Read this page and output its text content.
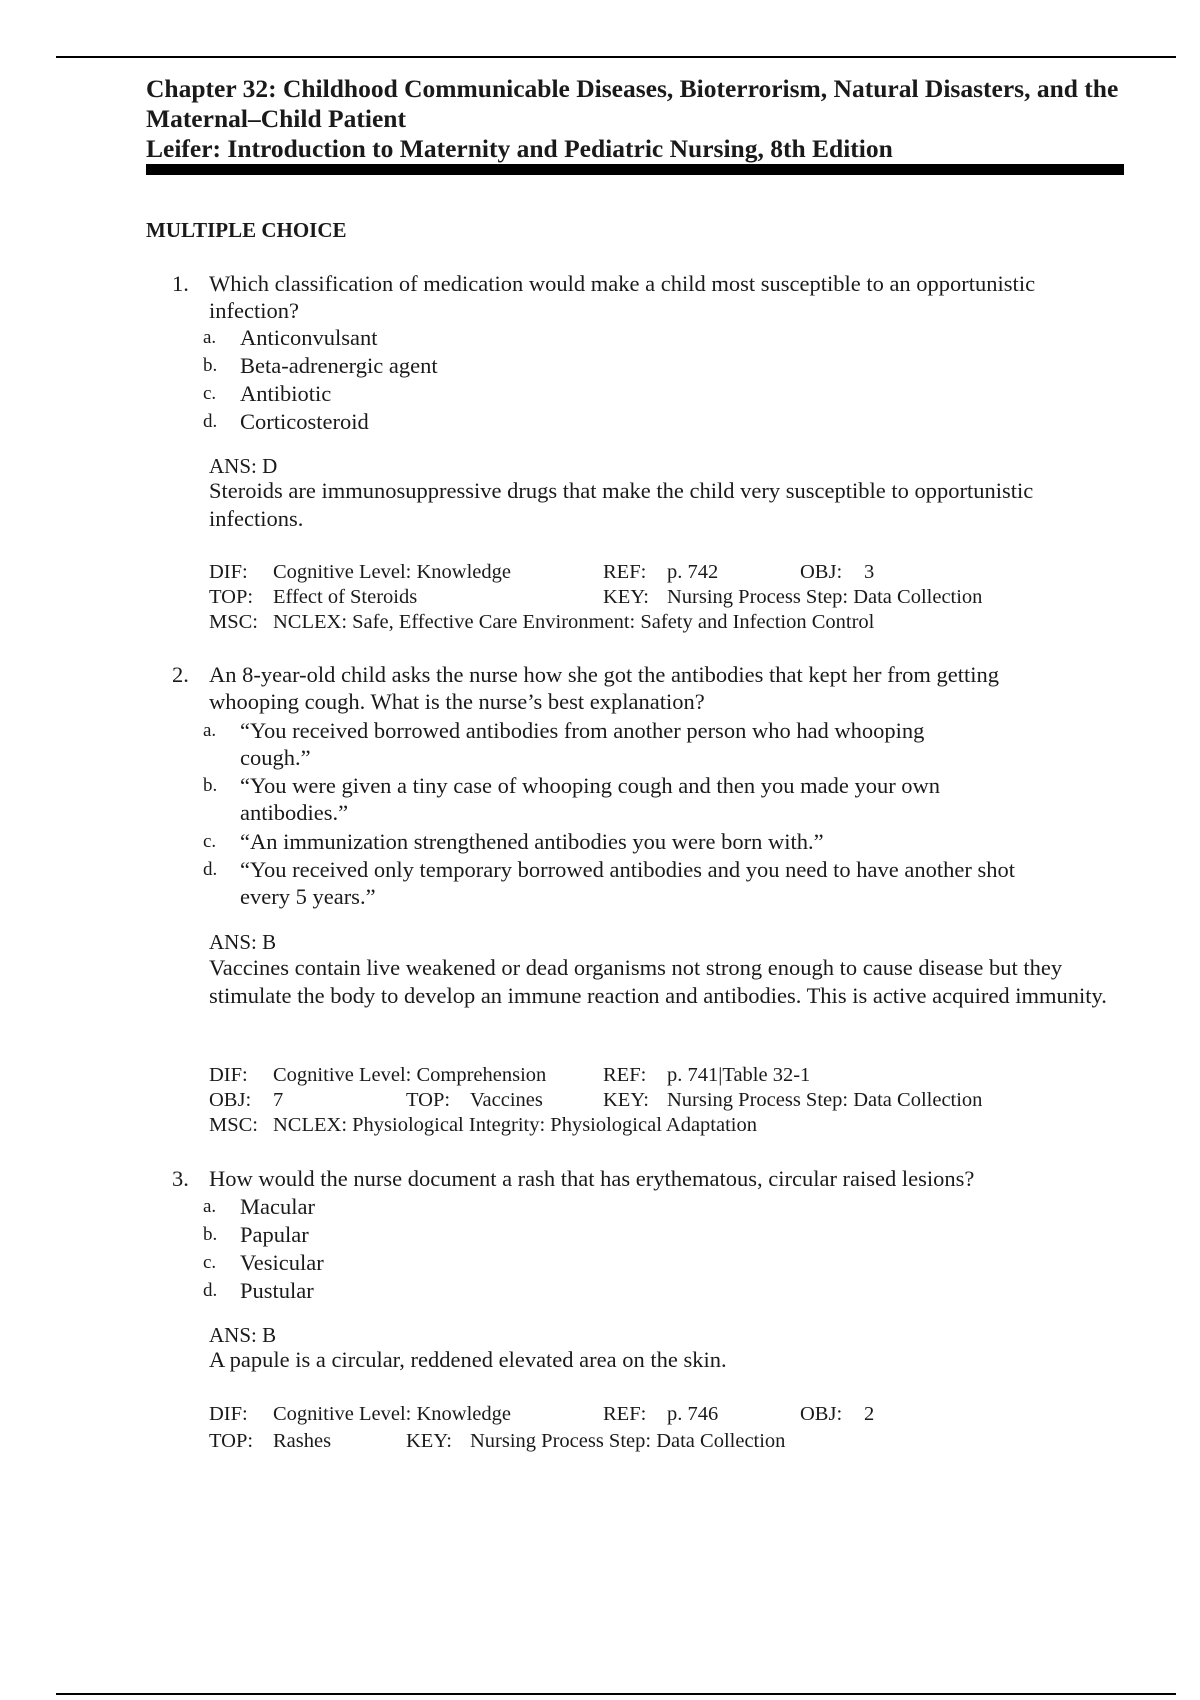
Chapter 32: Childhood Communicable Diseases, Bioterrorism, Natural Disasters, and the Maternal–Child Patient

Leifer: Introduction to Maternity and Pediatric Nursing, 8th Edition

MULTIPLE CHOICE

1. Which classification of medication would make a child most susceptible to an opportunistic infection?
a. Anticonvulsant
b. Beta-adrenergic agent
c. Antibiotic
d. Corticosteroid
ANS: D
Steroids are immunosuppressive drugs that make the child very susceptible to opportunistic infections.
DIF: Cognitive Level: Knowledge	REF: p. 742	OBJ: 3
TOP: Effect of Steroids	KEY: Nursing Process Step: Data Collection
MSC: NCLEX: Safe, Effective Care Environment: Safety and Infection Control
2. An 8-year-old child asks the nurse how she got the antibodies that kept her from getting whooping cough. What is the nurse’s best explanation?
a. “You received borrowed antibodies from another person who had whooping cough.”
b. “You were given a tiny case of whooping cough and then you made your own antibodies.”
c. “An immunization strengthened antibodies you were born with.”
d. “You received only temporary borrowed antibodies and you need to have another shot every 5 years.”
ANS: B
Vaccines contain live weakened or dead organisms not strong enough to cause disease but they stimulate the body to develop an immune reaction and antibodies. This is active acquired immunity.
DIF: Cognitive Level: Comprehension	REF: p. 741|Table 32-1
OBJ: 7	TOP: Vaccines	KEY: Nursing Process Step: Data Collection
MSC: NCLEX: Physiological Integrity: Physiological Adaptation
3. How would the nurse document a rash that has erythematous, circular raised lesions?
a. Macular
b. Papular
c. Vesicular
d. Pustular
ANS: B
A papule is a circular, reddened elevated area on the skin.
DIF: Cognitive Level: Knowledge	REF: p. 746	OBJ: 2
TOP: Rashes	KEY: Nursing Process Step: Data Collection
